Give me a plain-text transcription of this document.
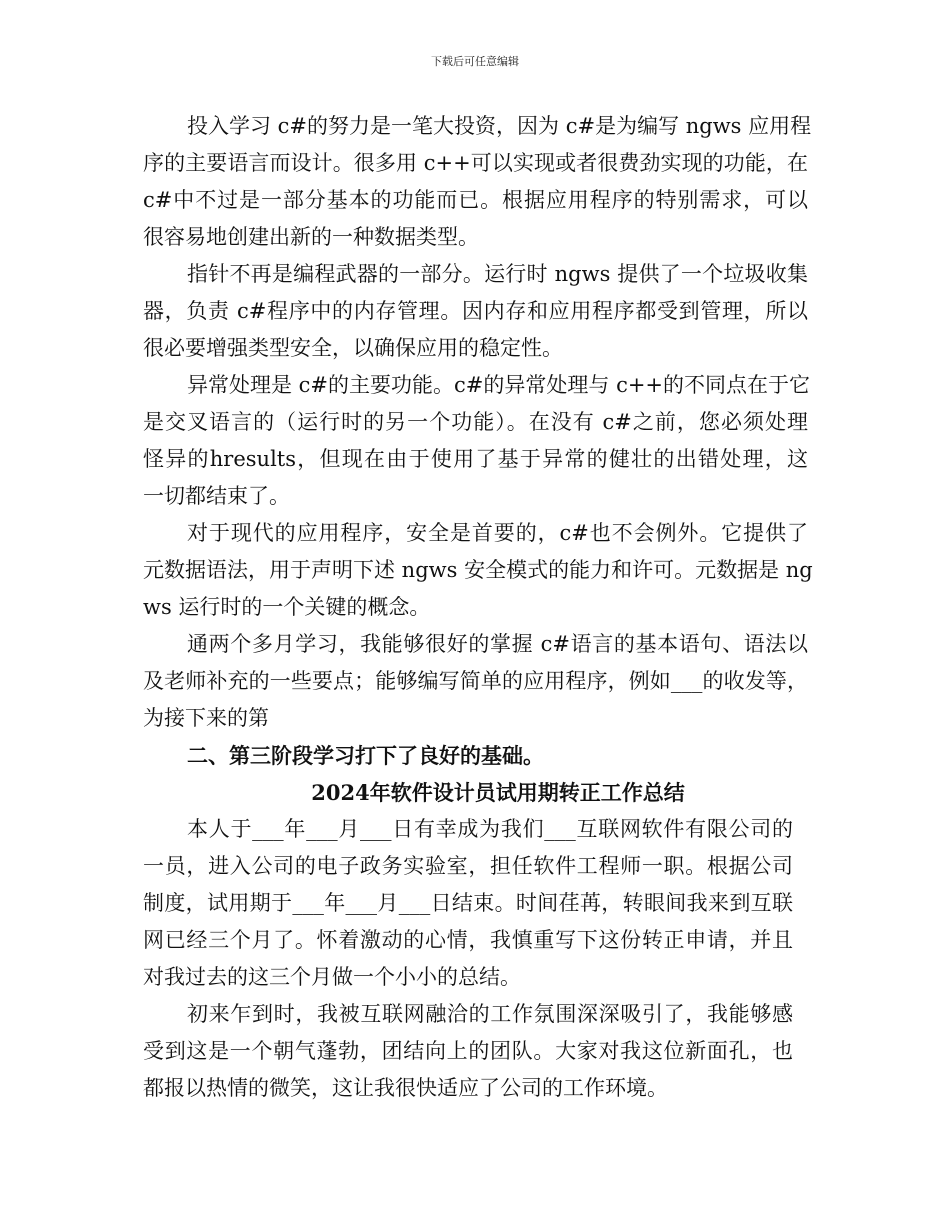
下载后可任意编辑
投入学习 c#的努力是一笔大投资，因为 c#是为编写 ngws 应用程
序的主要语言而设计。很多用 c++可以实现或者很费劲实现的功能，在
c#中不过是一部分基本的功能而已。根据应用程序的特别需求，可以
很容易地创建出新的一种数据类型。
指针不再是编程武器的一部分。运行时 ngws 提供了一个垃圾收集
器，负责 c#程序中的内存管理。因内存和应用程序都受到管理，所以
很必要增强类型安全，以确保应用的稳定性。
异常处理是 c#的主要功能。c#的异常处理与 c++的不同点在于它
是交叉语言的（运行时的另一个功能）。在没有 c#之前，您必须处理
怪异的hresults，但现在由于使用了基于异常的健壮的出错处理，这
一切都结束了。
对于现代的应用程序，安全是首要的，c#也不会例外。它提供了
元数据语法，用于声明下述 ngws 安全模式的能力和许可。元数据是 ng
ws 运行时的一个关键的概念。
通两个多月学习，我能够很好的掌握 c#语言的基本语句、语法以
及老师补充的一些要点；能够编写简单的应用程序，例如___的收发等，
为接下来的第
二、第三阶段学习打下了良好的基础。
2024年软件设计员试用期转正工作总结
本人于___年___月___日有幸成为我们___互联网软件有限公司的
一员，进入公司的电子政务实验室，担任软件工程师一职。根据公司
制度，试用期于___年___月___日结束。时间荏苒，转眼间我来到互联
网已经三个月了。怀着激动的心情，我慎重写下这份转正申请，并且
对我过去的这三个月做一个小小的总结。
初来乍到时，我被互联网融洽的工作氛围深深吸引了，我能够感
受到这是一个朝气蓬勃，团结向上的团队。大家对我这位新面孔，也
都报以热情的微笑，这让我很快适应了公司的工作环境。
